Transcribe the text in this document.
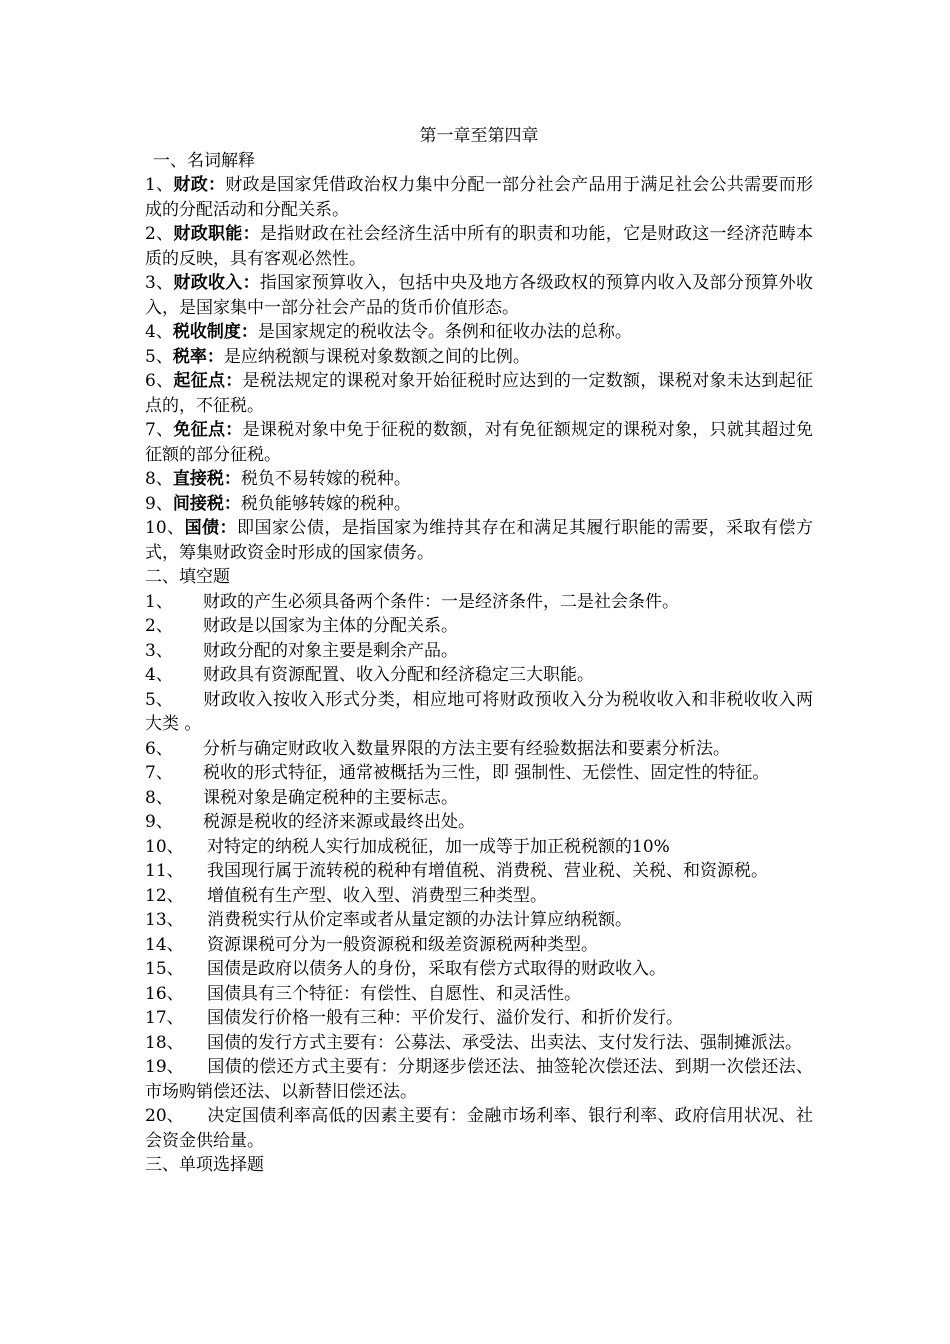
第一章至第四章
一、名词解释
1、财政：财政是国家凭借政治权力集中分配一部分社会产品用于满足社会公共需要而形成的分配活动和分配关系。
2、财政职能：是指财政在社会经济生活中所有的职责和功能，它是财政这一经济范畴本质的反映，具有客观必然性。
3、财政收入：指国家预算收入，包括中央及地方各级政权的预算内收入及部分预算外收入，是国家集中一部分社会产品的货币价值形态。
4、税收制度：是国家规定的税收法令。条例和征收办法的总称。
5、税率：是应纳税额与课税对象数额之间的比例。
6、起征点：是税法规定的课税对象开始征税时应达到的一定数额，课税对象未达到起征点的，不征税。
7、免征点：是课税对象中免于征税的数额，对有免征额规定的课税对象，只就其超过免征额的部分征税。
8、直接税：税负不易转嫁的税种。
9、间接税：税负能够转嫁的税种。
10、国债：即国家公债，是指国家为维持其存在和满足其履行职能的需要，采取有偿方式，筹集财政资金时形成的国家债务。
二、填空题
1、 财政的产生必须具备两个条件：一是经济条件，二是社会条件。
2、 财政是以国家为主体的分配关系。
3、 财政分配的对象主要是剩余产品。
4、 财政具有资源配置、收入分配和经济稳定三大职能。
5、 财政收入按收入形式分类，相应地可将财政预收入分为税收收入和非税收收入两大类 。
6、 分析与确定财政收入数量界限的方法主要有经验数据法和要素分析法。
7、 税收的形式特征，通常被概括为三性，即 强制性、无偿性、固定性的特征。
8、 课税对象是确定税种的主要标志。
9、 税源是税收的经济来源或最终出处。
10、 对特定的纳税人实行加成税征，加一成等于加正税税额的10%
11、 我国现行属于流转税的税种有增值税、消费税、营业税、关税、和资源税。
12、 增值税有生产型、收入型、消费型三种类型。
13、 消费税实行从价定率或者从量定额的办法计算应纳税额。
14、 资源课税可分为一般资源税和级差资源税两种类型。
15、 国债是政府以债务人的身份，采取有偿方式取得的财政收入。
16、 国债具有三个特征：有偿性、自愿性、和灵活性。
17、 国债发行价格一般有三种：平价发行、溢价发行、和折价发行。
18、 国债的发行方式主要有：公募法、承受法、出卖法、支付发行法、强制摊派法。
19、 国债的偿还方式主要有：分期逐步偿还法、抽签轮次偿还法、到期一次偿还法、市场购销偿还法、以新替旧偿还法。
20、 决定国债利率高低的因素主要有：金融市场利率、银行利率、政府信用状况、社会资金供给量。
三、单项选择题
